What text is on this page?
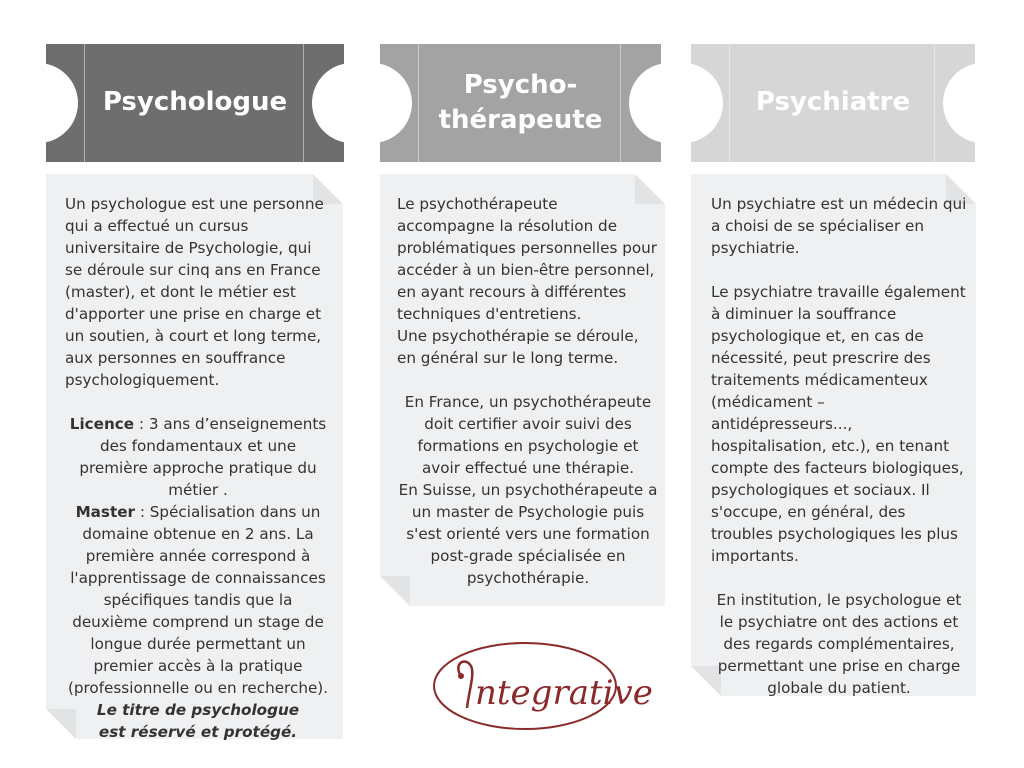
Psychologue
Psycho-
thérapeute
Psychiatre

Un psychologue est une personne qui a effectué un cursus universitaire de Psychologie, qui se déroule sur cinq ans en France (master), et dont le métier est d'apporter une prise en charge et un soutien, à court et long terme, aux personnes en souffrance psychologiquement.

Licence : 3 ans d’enseignements des fondamentaux et une première approche pratique du métier .

Master : Spécialisation dans un domaine obtenue en 2 ans. La première année correspond à l'apprentissage de connaissances spécifiques tandis que la deuxième comprend un stage de longue durée permettant un premier accès à la pratique (professionnelle ou en recherche).

Le titre de psychologue est réservé et protégé.

Le psychothérapeute accompagne la résolution de problématiques personnelles pour accéder à un bien-être personnel, en ayant recours à différentes techniques d'entretiens.

Une psychothérapie se déroule, en général sur le long terme.

En France, un psychothérapeute doit certifier avoir suivi des formations en psychologie et avoir effectué une thérapie.

En Suisse, un psychothérapeute a un master de Psychologie puis s'est orienté vers une formation post-grade spécialisée en psychothérapie.

Un psychiatre est un médecin qui a choisi de se spécialiser en psychiatrie.

Le psychiatre travaille également à diminuer la souffrance psychologique et, en cas de nécessité, peut prescrire des traitements médicamenteux (médicament – antidépresseurs..., hospitalisation, etc.), en tenant compte des facteurs biologiques, psychologiques et sociaux. Il s'occupe, en général, des troubles psychologiques les plus importants.

En institution, le psychologue et le psychiatre ont des actions et des regards complémentaires, permettant une prise en charge globale du patient.

ntegrative
